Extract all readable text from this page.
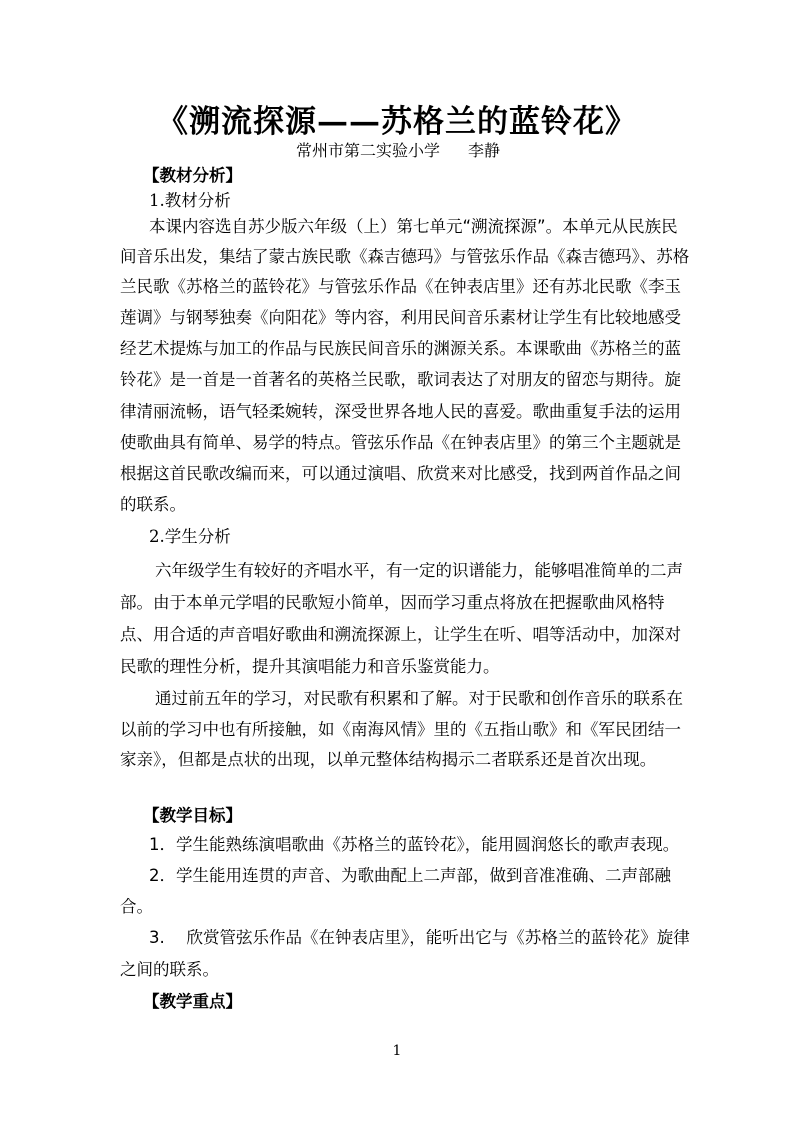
《溯流探源——苏格兰的蓝铃花》
常州市第二实验小学 李静
【教材分析】
1.教材分析
本课内容选自苏少版六年级（上）第七单元“溯流探源”。本单元从民族民
间音乐出发，集结了蒙古族民歌《森吉德玛》与管弦乐作品《森吉德玛》、苏格
兰民歌《苏格兰的蓝铃花》与管弦乐作品《在钟表店里》还有苏北民歌《李玉
莲调》与钢琴独奏《向阳花》等内容，利用民间音乐素材让学生有比较地感受
经艺术提炼与加工的作品与民族民间音乐的渊源关系。本课歌曲《苏格兰的蓝
铃花》是一首是一首著名的英格兰民歌，歌词表达了对朋友的留恋与期待。旋
律清丽流畅，语气轻柔婉转，深受世界各地人民的喜爱。歌曲重复手法的运用
使歌曲具有简单、易学的特点。管弦乐作品《在钟表店里》的第三个主题就是
根据这首民歌改编而来，可以通过演唱、欣赏来对比感受，找到两首作品之间
的联系。
2.学生分析
六年级学生有较好的齐唱水平，有一定的识谱能力，能够唱准简单的二声
部。由于本单元学唱的民歌短小简单，因而学习重点将放在把握歌曲风格特
点、用合适的声音唱好歌曲和溯流探源上，让学生在听、唱等活动中，加深对
民歌的理性分析，提升其演唱能力和音乐鉴赏能力。
通过前五年的学习，对民歌有积累和了解。对于民歌和创作音乐的联系在
以前的学习中也有所接触，如《南海风情》里的《五指山歌》和《军民团结一
家亲》，但都是点状的出现，以单元整体结构揭示二者联系还是首次出现。
【教学目标】
1．学生能熟练演唱歌曲《苏格兰的蓝铃花》，能用圆润悠长的歌声表现。
2．学生能用连贯的声音、为歌曲配上二声部，做到音准准确、二声部融
合。
3.　 欣赏管弦乐作品《在钟表店里》，能听出它与《苏格兰的蓝铃花》旋律
之间的联系。
【教学重点】
1
